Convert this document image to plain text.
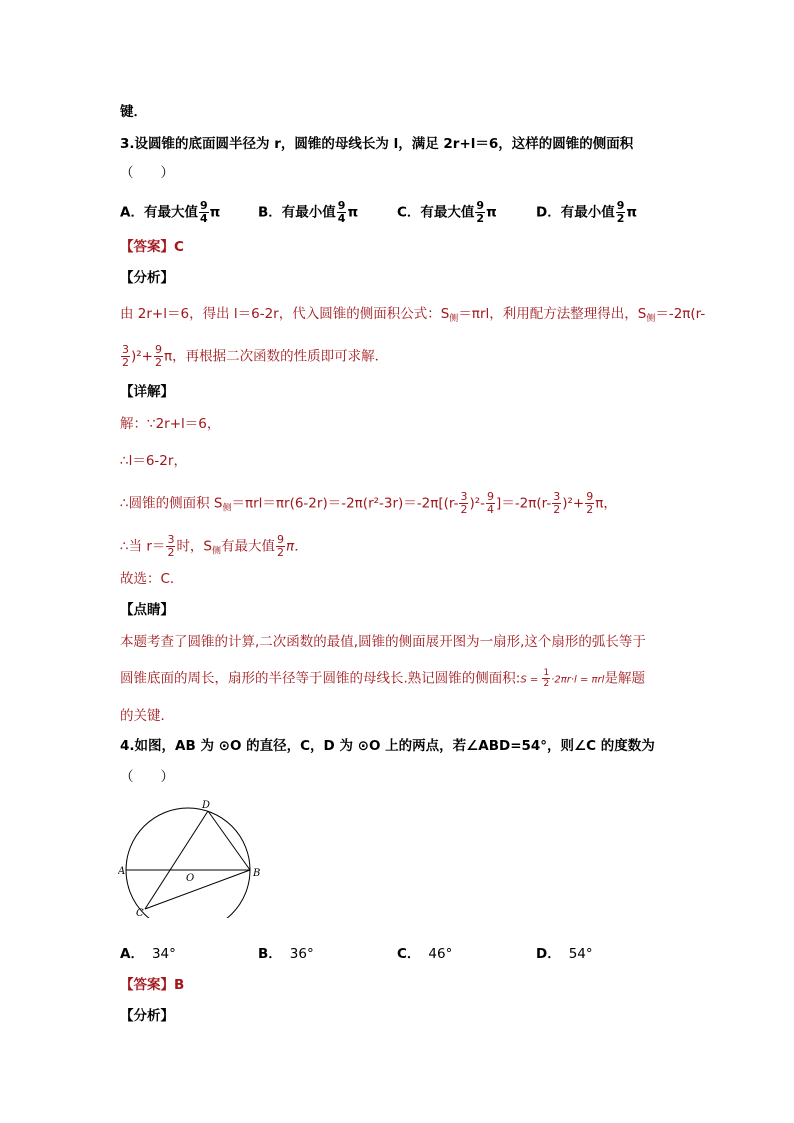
键．
3.设圆锥的底面圆半径为 r，圆锥的母线长为 l，满足 2r+l＝6，这样的圆锥的侧面积
（　　）
A．有最大值 $\frac{9}{4}$ π	B．有最小值 $\frac{9}{4}$ π	C．有最大值 $\frac{9}{2}$ π	D．有最小值 $\frac{9}{2}$ π
【答案】C
【分析】
由 2r+l＝6，得出 l＝6-2r，代入圆锥的侧面积公式：$S_侧=\pi rl$，利用配方法整理得出，$S_侧=-2\pi(r-$
$\frac{3}{2} )^2+ \frac{9}{2}$ π，再根据二次函数的性质即可求解．
【详解】
解：∵2r+l＝6，
∴l＝6-2r，
∴圆锥的侧面积 $S_侧=\pi rl=\pi r(6-2r)=-2\pi(r^2-3r)=-2\pi[(r- \frac{3}{2} )^2- \frac{9}{4} ]=-2\pi(r- \frac{3}{2} )^2+ \frac{9}{2}$ π，
∴当 $r= \frac{3}{2}$ 时，$S_侧$有最大值 $\frac{9}{2}$ π．
故选：C．
【点睛】
本题考查了圆锥的计算,二次函数的最值,圆锥的侧面展开图为一扇形,这个扇形的弧长等于
圆锥底面的周长，扇形的半径等于圆锥的母线长.熟记圆锥的侧面积:S = $\frac{1}{2} \cdot 2\pi r\cdot l = \pi rl$是解题
的关键．
4.如图，AB 为 ⊙O 的直径，C，D 为 ⊙O 上的两点，若∠ABD=54°，则∠C 的度数为
（　　）
A	B
C
D
O
A． 34°	B． 36°	C． 46°	D． 54°
【答案】B
【分析】
